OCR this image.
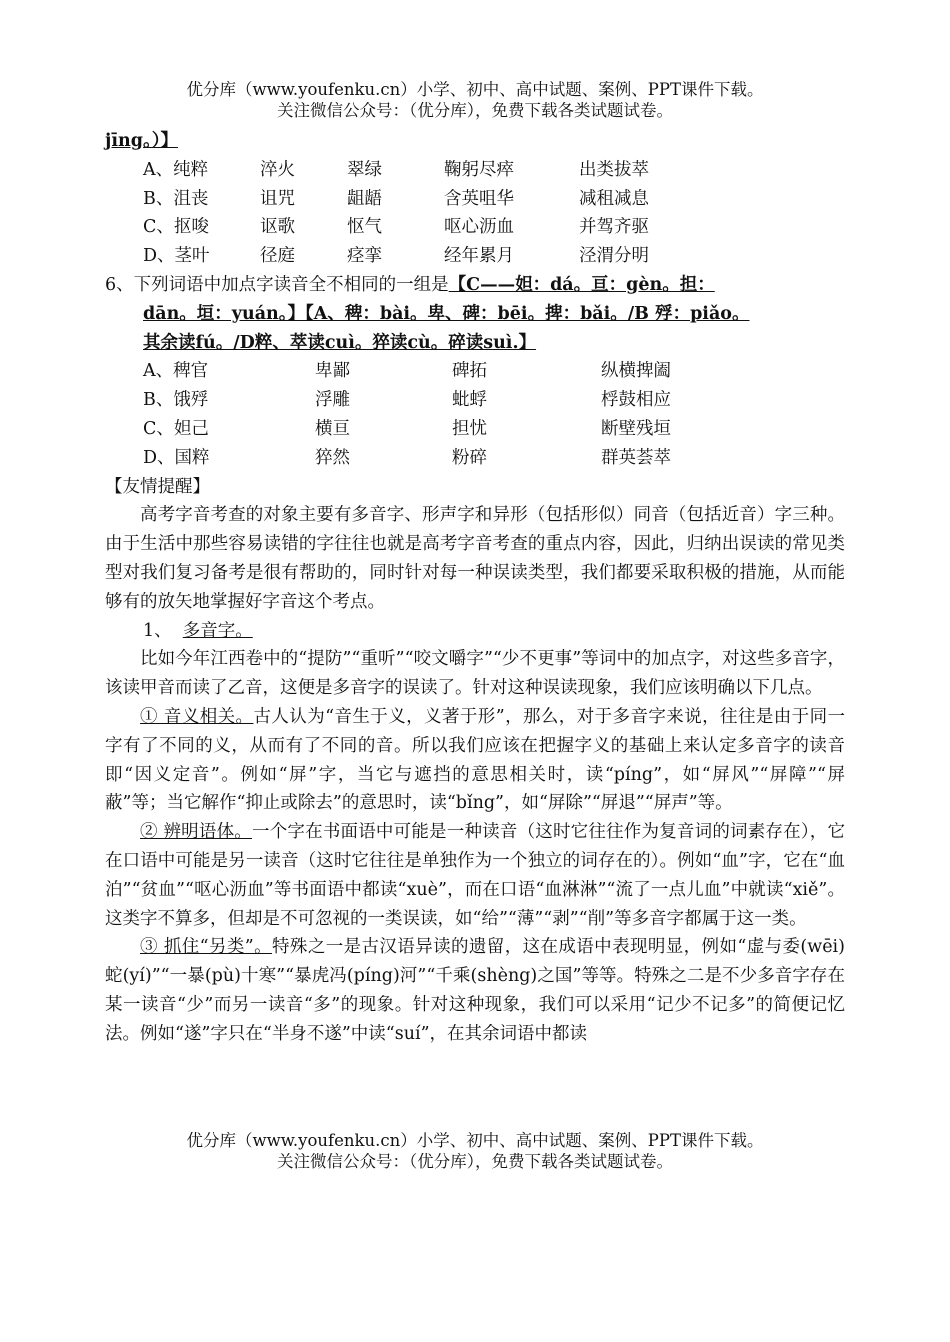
优分库（www.youfenku.cn）小学、初中、高中试题、案例、PPT课件下载。
关注微信公众号：（优分库），免费下载各类试题试卷。
jīng。）】
A、纯粹	淬火	翠绿	鞠躬尽瘁	出类拔萃
B、沮丧	诅咒	龃龉	含英咀华	减租减息
C、抠唆	讴歌	怄气	呕心沥血	并驾齐驱
D、茎叶	径庭	痉挛	经年累月	泾渭分明
6、下列词语中加点字读音全不相同的一组是【C——妲：dá。亘：gèn。担：
dān。垣：yuán。】【A、稗：bài。卑、碑：bēi。捭：bǎi。/B 殍：piǎo。
其余读fú。/D粹、萃读cuì。猝读cù。碎读suì.】
A、稗官	卑鄙	碑拓	纵横捭阖
B、饿殍	浮雕	蚍蜉	桴鼓相应
C、妲己	横亘	担忧	断壁残垣
D、国粹	猝然	粉碎	群英荟萃
【友情提醒】
高考字音考查的对象主要有多音字、形声字和异形（包括形似）同音（包括近音）字三种。由于生活中那些容易读错的字往往也就是高考字音考查的重点内容，因此，归纳出误读的常见类型对我们复习备考是很有帮助的，同时针对每一种误读类型，我们都要采取积极的措施，从而能够有的放矢地掌握好字音这个考点。
1、 多音字。
比如今年江西卷中的“提防”“重听”“咬文嚼字”“少不更事”等词中的加点字，对这些多音字，该读甲音而读了乙音，这便是多音字的误读了。针对这种误读现象，我们应该明确以下几点。
① 音义相关。古人认为“音生于义，义著于形”，那么，对于多音字来说，往往是由于同一字有了不同的义，从而有了不同的音。所以我们应该在把握字义的基础上来认定多音字的读音即“因义定音”。例如“屏”字，当它与遮挡的意思相关时，读“píng”，如“屏风”“屏障”“屏蔽”等；当它解作“抑止或除去”的意思时，读“bǐng”，如“屏除”“屏退”“屏声”等。
② 辨明语体。一个字在书面语中可能是一种读音（这时它往往作为复音词的词素存在），它在口语中可能是另一读音（这时它往往是单独作为一个独立的词存在的）。例如“血”字，它在“血泊”“贫血”“呕心沥血”等书面语中都读“xuè”，而在口语“血淋淋”“流了一点儿血”中就读“xiě”。这类字不算多，但却是不可忽视的一类误读，如“给”“薄”“剥”“削”等多音字都属于这一类。
③ 抓住“另类”。特殊之一是古汉语异读的遗留，这在成语中表现明显，例如“虚与委(wēi)蛇(yí)”“一暴(pù)十寒”“暴虎冯(píng)河”“千乘(shèng)之国”等等。特殊之二是不少多音字存在某一读音“少”而另一读音“多”的现象。针对这种现象，我们可以采用“记少不记多”的简便记忆法。例如“遂”字只在“半身不遂”中读“suí”，在其余词语中都读
优分库（www.youfenku.cn）小学、初中、高中试题、案例、PPT课件下载。
关注微信公众号：（优分库），免费下载各类试题试卷。
